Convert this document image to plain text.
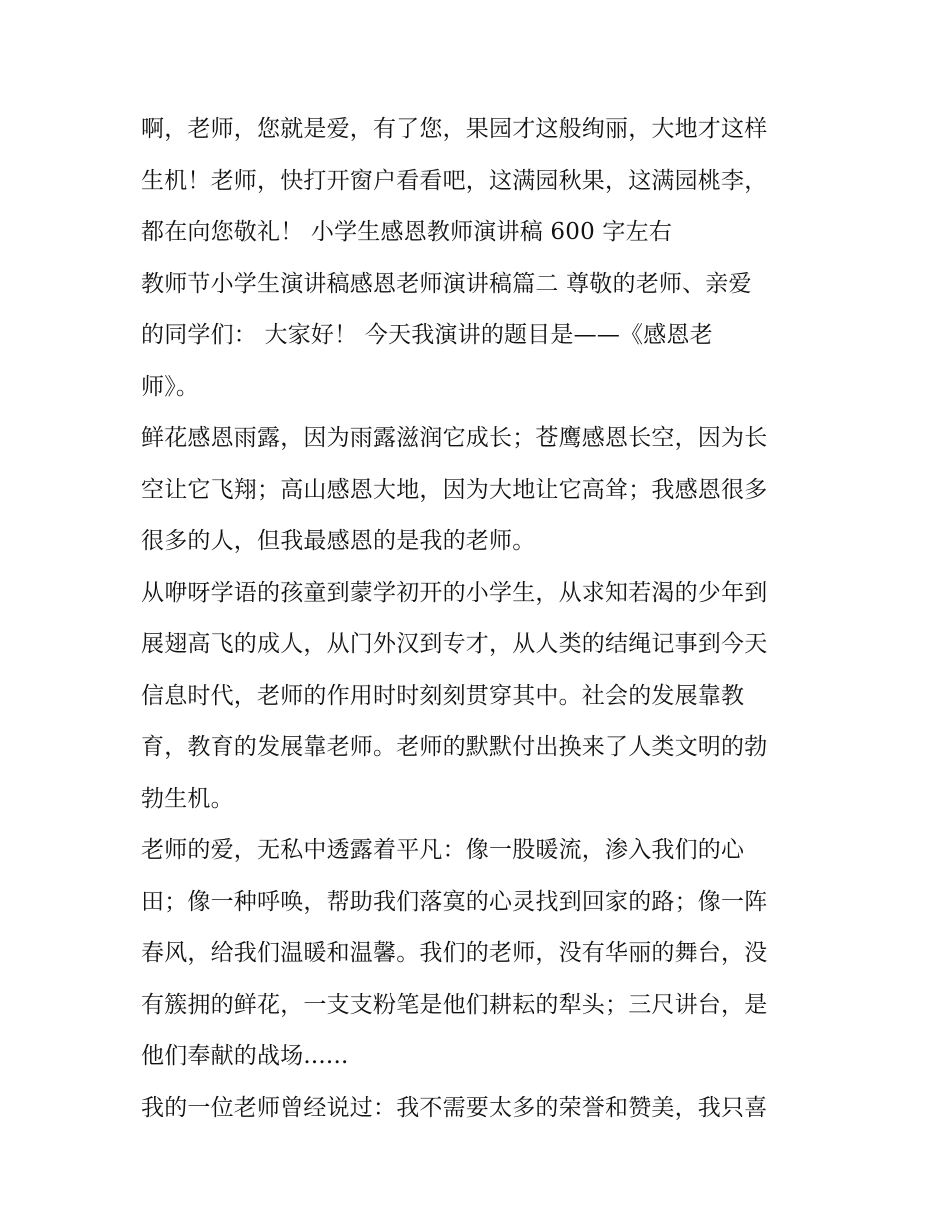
啊，老师，您就是爱，有了您，果园才这般绚丽，大地才这样
生机！老师，快打开窗户看看吧，这满园秋果，这满园桃李，
都在向您敬礼！ 小学生感恩教师演讲稿 600 字左右
教师节小学生演讲稿感恩老师演讲稿篇二 尊敬的老师、亲爱
的同学们： 大家好！ 今天我演讲的题目是——《感恩老
师》。
鲜花感恩雨露，因为雨露滋润它成长；苍鹰感恩长空，因为长
空让它飞翔；高山感恩大地，因为大地让它高耸；我感恩很多
很多的人，但我最感恩的是我的老师。
从咿呀学语的孩童到蒙学初开的小学生，从求知若渴的少年到
展翅高飞的成人，从门外汉到专才，从人类的结绳记事到今天
信息时代，老师的作用时时刻刻贯穿其中。社会的发展靠教
育，教育的发展靠老师。老师的默默付出换来了人类文明的勃
勃生机。
老师的爱，无私中透露着平凡：像一股暖流，渗入我们的心
田；像一种呼唤，帮助我们落寞的心灵找到回家的路；像一阵
春风，给我们温暖和温馨。我们的老师，没有华丽的舞台，没
有簇拥的鲜花，一支支粉笔是他们耕耘的犁头；三尺讲台，是
他们奉献的战场......
我的一位老师曾经说过：我不需要太多的荣誉和赞美，我只喜
